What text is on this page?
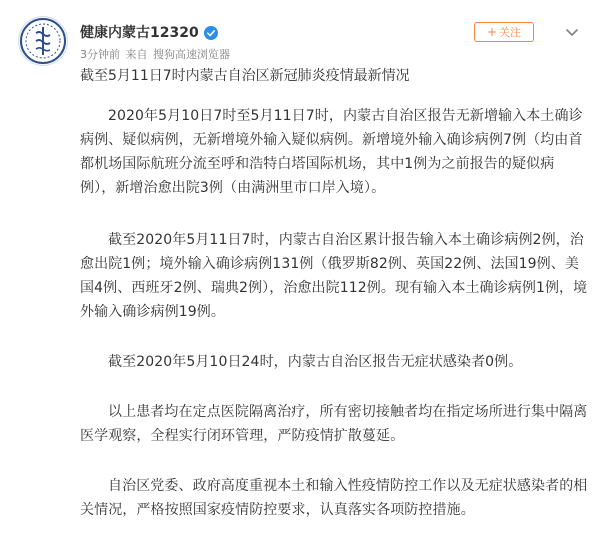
健康内蒙古12320
3分钟前 来自 搜狗高速浏览器
+ 关注
截至5月11日7时内蒙古自治区新冠肺炎疫情最新情况

2020年5月10日7时至5月11日7时，内蒙古自治区报告无新增输入本土确诊病例、疑似病例，无新增境外输入疑似病例。新增境外输入确诊病例7例（均由首都机场国际航班分流至呼和浩特白塔国际机场，其中1例为之前报告的疑似病例），新增治愈出院3例（由满洲里市口岸入境）。

截至2020年5月11日7时，内蒙古自治区累计报告输入本土确诊病例2例，治愈出院1例；境外输入确诊病例131例（俄罗斯82例、英国22例、法国19例、美国4例、西班牙2例、瑞典2例），治愈出院112例。现有输入本土确诊病例1例，境外输入确诊病例19例。

截至2020年5月10日24时，内蒙古自治区报告无症状感染者0例。

以上患者均在定点医院隔离治疗，所有密切接触者均在指定场所进行集中隔离医学观察，全程实行闭环管理，严防疫情扩散蔓延。

自治区党委、政府高度重视本土和输入性疫情防控工作以及无症状感染者的相关情况，严格按照国家疫情防控要求，认真落实各项防控措施。
